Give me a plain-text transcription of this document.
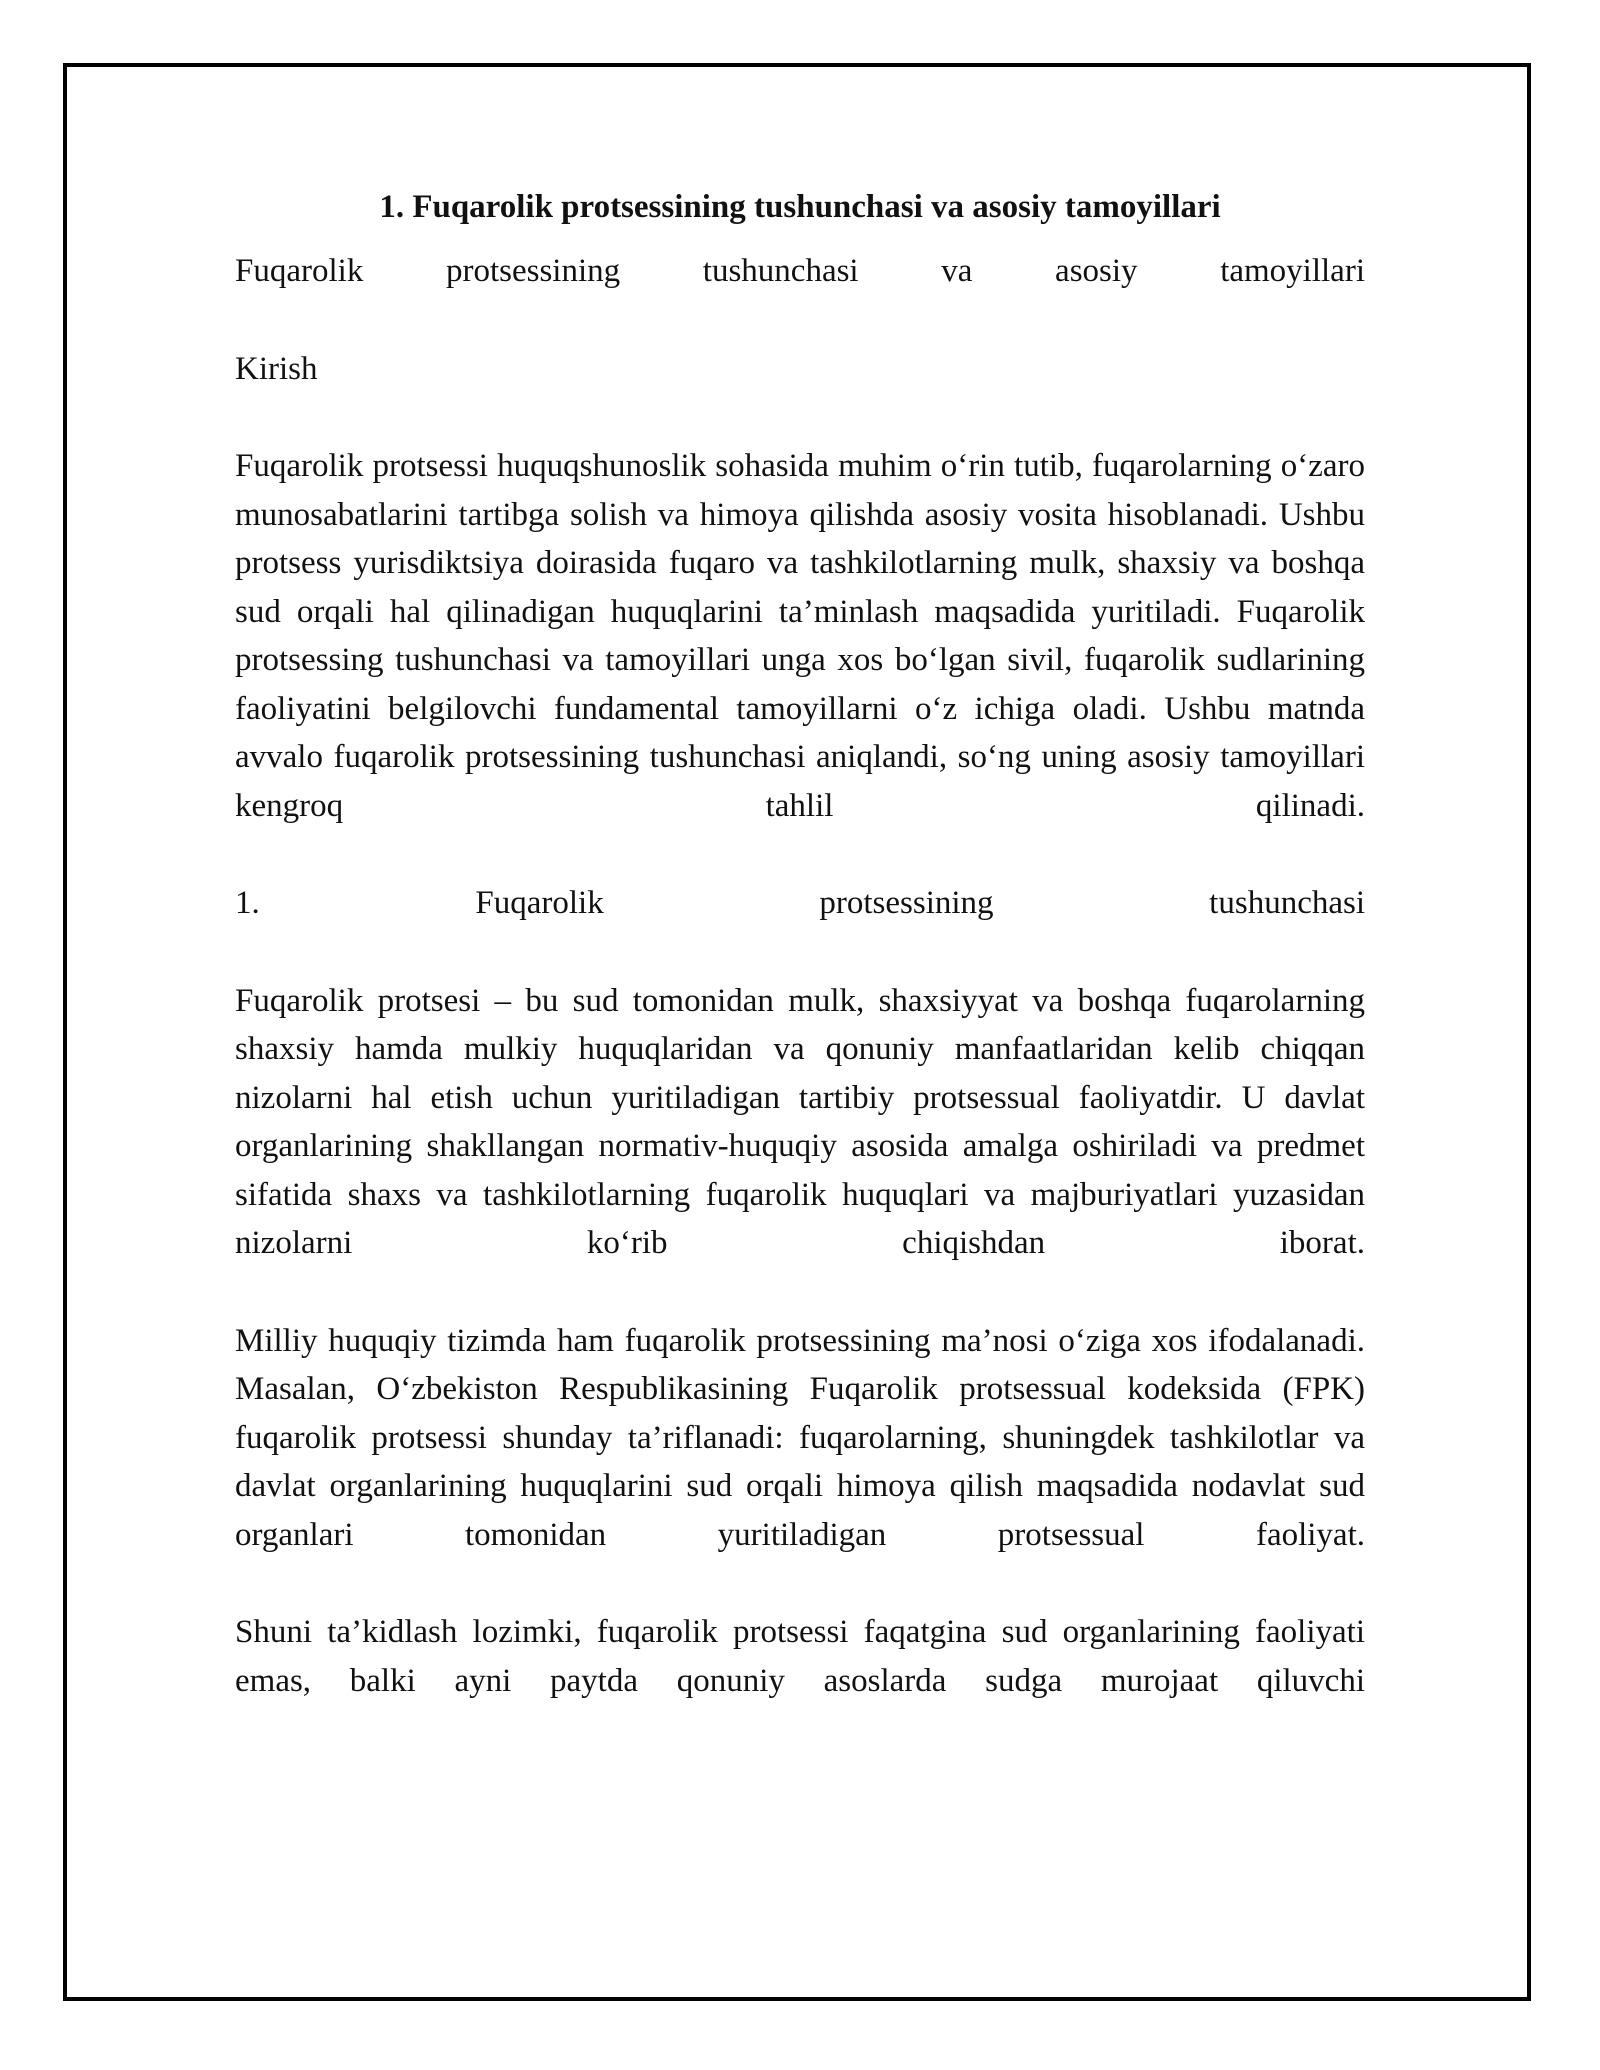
1. Fuqarolik protsessining tushunchasi va asosiy tamoyillari

Fuqarolik protsessining tushunchasi va asosiy tamoyillari

Kirish

Fuqarolik protsessi huquqshunoslik sohasida muhim o‘rin tutib, fuqarolarning o‘zaro munosabatlarini tartibga solish va himoya qilishda asosiy vosita hisoblanadi. Ushbu protsess yurisdiktsiya doirasida fuqaro va tashkilotlarning mulk, shaxsiy va boshqa sud orqali hal qilinadigan huquqlarini ta’minlash maqsadida yuritiladi. Fuqarolik protsessing tushunchasi va tamoyillari unga xos bo‘lgan sivil, fuqarolik sudlarining faoliyatini belgilovchi fundamental tamoyillarni o‘z ichiga oladi. Ushbu matnda avvalo fuqarolik protsessining tushunchasi aniqlandi, so‘ng uning asosiy tamoyillari kengroq tahlil qilinadi.

1. Fuqarolik protsessining tushunchasi

Fuqarolik protsesi – bu sud tomonidan mulk, shaxsiyyat va boshqa fuqarolarning shaxsiy hamda mulkiy huquqlaridan va qonuniy manfaatlaridan kelib chiqqan nizolarni hal etish uchun yuritiladigan tartibiy protsessual faoliyatdir. U davlat organlarining shakllangan normativ-huquqiy asosida amalga oshiriladi va predmet sifatida shaxs va tashkilotlarning fuqarolik huquqlari va majburiyatlari yuzasidan nizolarni ko‘rib chiqishdan iborat.

Milliy huquqiy tizimda ham fuqarolik protsessining ma’nosi o‘ziga xos ifodalanadi. Masalan, O‘zbekiston Respublikasining Fuqarolik protsessual kodeksida (FPK) fuqarolik protsessi shunday ta’riflanadi: fuqarolarning, shuningdek tashkilotlar va davlat organlarining huquqlarini sud orqali himoya qilish maqsadida nodavlat sud organlari tomonidan yuritiladigan protsessual faoliyat.

Shuni ta’kidlash lozimki, fuqarolik protsessi faqatgina sud organlarining faoliyati emas, balki ayni paytda qonuniy asoslarda sudga murojaat qiluvchi
